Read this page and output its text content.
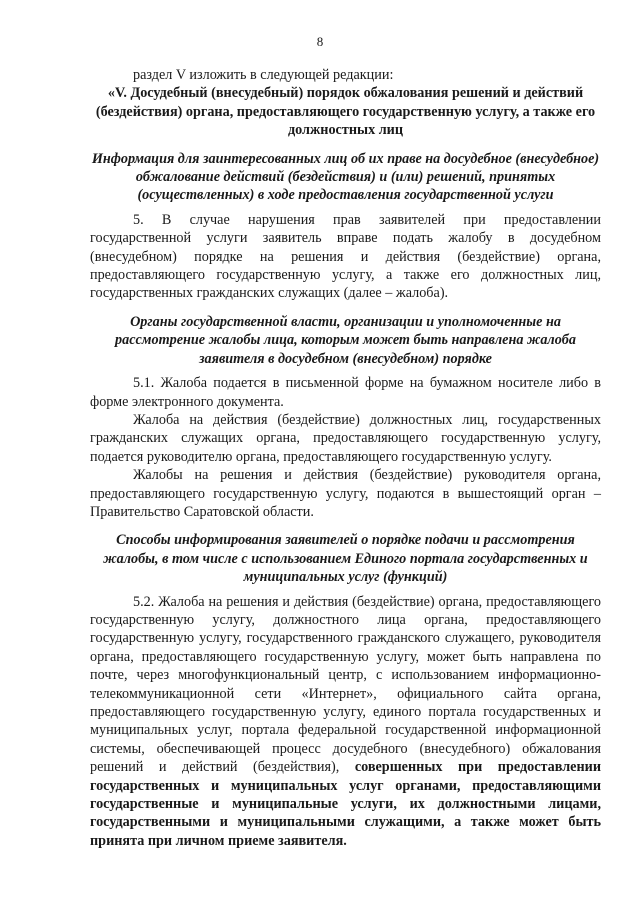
8

раздел V изложить в следующей редакции:

«V. Досудебный (внесудебный) порядок обжалования решений и действий (бездействия) органа, предоставляющего государственную услугу, а также его должностных лиц

Информация для заинтересованных лиц об их праве на досудебное (внесудебное) обжалование действий (бездействия) и (или) решений, принятых (осуществленных) в ходе предоставления государственной услуги

5. В случае нарушения прав заявителей при предоставлении государственной услуги заявитель вправе подать жалобу в досудебном (внесудебном) порядке на решения и действия (бездействие) органа, предоставляющего государственную услугу, а также его должностных лиц, государственных гражданских служащих (далее – жалоба).

Органы государственной власти, организации и уполномоченные на рассмотрение жалобы лица, которым может быть направлена жалоба заявителя в досудебном (внесудебном) порядке

5.1. Жалоба подается в письменной форме на бумажном носителе либо в форме электронного документа.

Жалоба на действия (бездействие) должностных лиц, государственных гражданских служащих органа, предоставляющего государственную услугу, подается руководителю органа, предоставляющего государственную услугу.

Жалобы на решения и действия (бездействие) руководителя органа, предоставляющего государственную услугу, подаются в вышестоящий орган – Правительство Саратовской области.

Способы информирования заявителей о порядке подачи и рассмотрения жалобы, в том числе с использованием Единого портала государственных и муниципальных услуг (функций)

5.2. Жалоба на решения и действия (бездействие) органа, предоставляющего государственную услугу, должностного лица органа, предоставляющего государственную услугу, государственного гражданского служащего, руководителя органа, предоставляющего государственную услугу, может быть направлена по почте, через многофункциональный центр, с использованием информационно-телекоммуникационной сети «Интернет», официального сайта органа, предоставляющего государственную услугу, единого портала государственных и муниципальных услуг, портала федеральной государственной информационной системы, обеспечивающей процесс досудебного (внесудебного) обжалования решений и действий (бездействия), совершенных при предоставлении государственных и муниципальных услуг органами, предоставляющими государственные и муниципальные услуги, их должностными лицами, государственными и муниципальными служащими, а также может быть принята при личном приеме заявителя.
